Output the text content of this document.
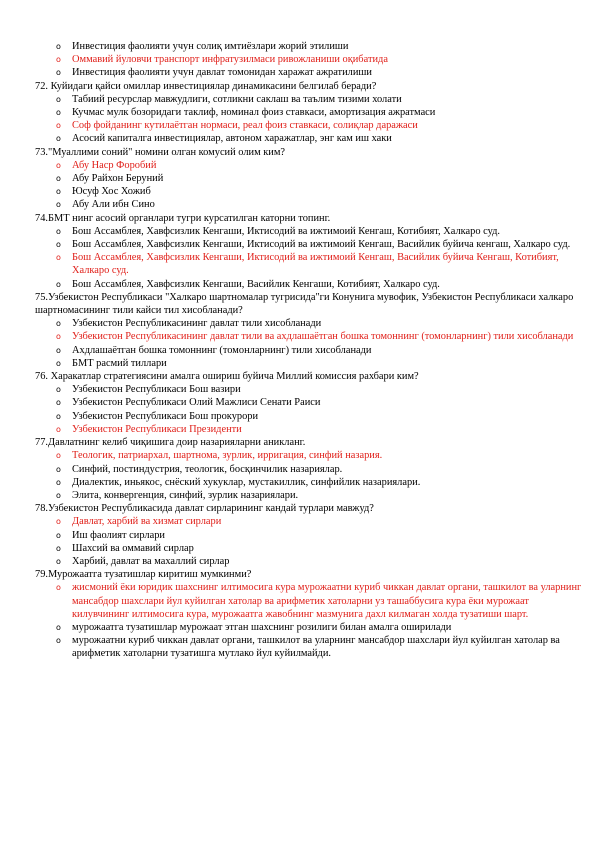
o Инвестиция фаолияти учун солиқ имтиёзлари жорий этилиши
o Оммавий йуловчи транспорт инфратузилмаси ривожланиши оқибатида
o Инвестиция фаолияти учун давлат томонидан харажат ажратилиши
72. Куйидаги қайси омиллар инвестициялар динамикасини белгилаб беради?
o Табиий ресурслар мавжудлиги, сотликни саклаш ва таълим тизими холати
o Кучмас мулк бозоридаги таклиф, номинал фоиз ставкаси, амортизация ажратмаси
o Соф фойданинг кутилаётган нормаси, реал фоиз ставкаси, солиқлар даражаси
o Асосий капиталга инвестициялар, автоном харажатлар, энг кам иш хаки
73."Муаллими соний" номини олган комусий олим ким?
o Абу Наср Форобий
o Абу Райхон Беруний
o Юсуф Хос Хожиб
o Абу Али ибн Сино
74.БМТ нинг асосий органлари тугри курсатилган каторни топинг.
o Бош Ассамблея, Хавфсизлик Кенгаши, Иктисодий ва ижтимоий Кенгаш, Котибият, Халкаро суд.
o Бош Ассамблея, Хавфсизлик Кенгаши, Иктисодий ва ижтимоий Кенгаш, Васийлик буйича кенгаш, Халкаро суд.
o Бош Ассамблея, Хавфсизлик Кенгаши, Иктисодий ва ижтимоий Кенгаш, Васийлик буйича Кенгаш, Котибият, Халкаро суд.
o Бош Ассамблея, Хавфсизлик Кенгаши, Васийлик Кенгаши, Котибият, Халкаро суд.
75.Узбекистон Республикаси "Халкаро шартномалар тугрисида"ги Конунига мувофик, Узбекистон Республикаси халкаро шартномасининг тили кайси тил хисобланади?
o Узбекистон Республикасининг давлат тили хисобланади
o Узбекистон Республикасининг давлат тили ва ахдлашаётган бошка томоннинг (томонларнинг) тили хисобланади
o Ахдлашаётган бошка томоннинг (томонларнинг) тили хисобланади
o БМТ расмий тиллари
76. Харакатлар стратегиясини амалга ошириш буйича Миллий комиссия рахбари ким?
o Узбекистон Республикаси Бош вазири
o Узбекистон Республикаси Олий Мажлиси Сенати Раиси
o Узбекистон Республикаси Бош прокурори
o Узбекистон Республикаси Президенти
77.Давлатнинг келиб чиқишига доир назарияларни аникланг.
o Теологик, патриархал, шартнома, зурлик, ирригация, синфий назария.
o Синфий, постиндустрия, теологик, босқинчилик назариялар.
o Диалектик, иньякос, снёский хукуклар, мустакиллик, синфийлик назариялари.
o Элита, конвергенция, синфий, зурлик назариялари.
78.Узбекистон Республикасида давлат сирларининг кандай турлари мавжуд?
o Давлат, харбий ва хизмат сирлари
o Иш фаолият сирлари
o Шахсий ва оммавий сирлар
o Харбий, давлат ва махаллий сирлар
79.Мурожаатга тузатишлар киритиш мумкинми?
o жисмоний ёки юридик шахснинг илтимосига кура мурожаатни куриб чиккан давлат органи, ташкилот ва уларнинг мансабдор шахслари йул куйилган хатолар ва арифметик хатоларни уз ташаббусига кура ёки мурожаат килувчининг илтимосига кура, мурожаатга жавобнинг мазмунига дахл килмаган холда тузатиши шарт.
o мурожаатга тузатишлар мурожаат этган шахснинг розилиги билан амалга оширилади
o мурожаатни куриб чиккан давлат органи, ташкилот ва уларнинг мансабдор шахслари йул куйилган хатолар ва арифметик хатоларни тузатишга мутлако йул куйилмайди.
